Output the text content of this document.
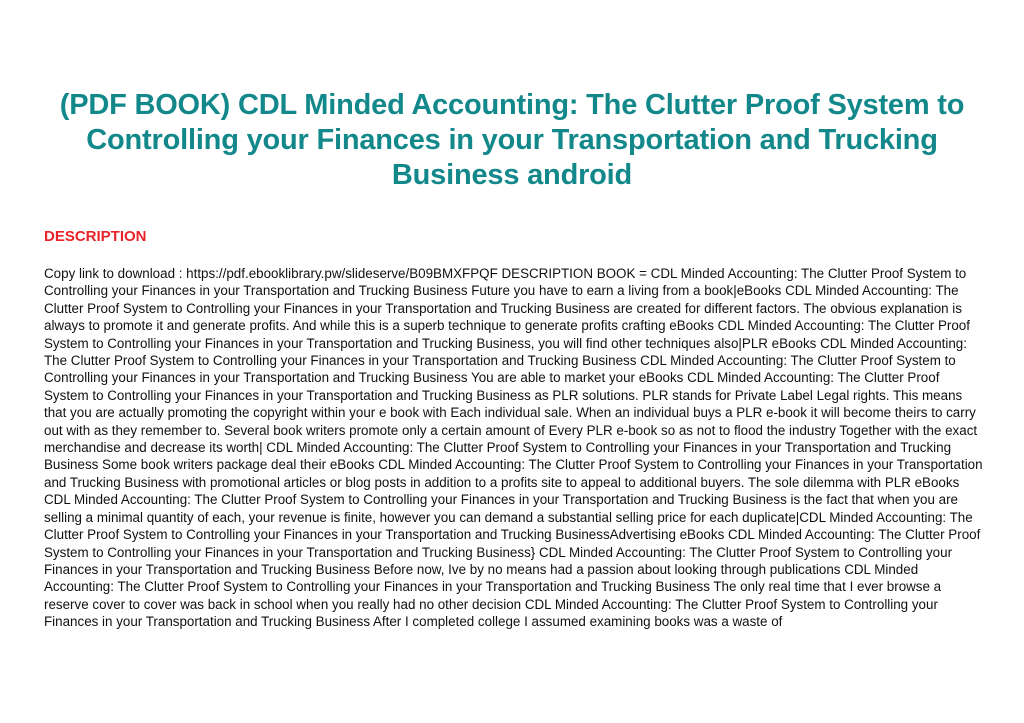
(PDF BOOK) CDL Minded Accounting: The Clutter Proof System to Controlling your Finances in your Transportation and Trucking Business android
DESCRIPTION

Copy link to download : https://pdf.ebooklibrary.pw/slideserve/B09BMXFPQF DESCRIPTION BOOK = CDL Minded Accounting: The Clutter Proof System to Controlling your Finances in your Transportation and Trucking Business Future you have to earn a living from a book|eBooks CDL Minded Accounting: The Clutter Proof System to Controlling your Finances in your Transportation and Trucking Business are created for different factors. The obvious explanation is always to promote it and generate profits. And while this is a superb technique to generate profits crafting eBooks CDL Minded Accounting: The Clutter Proof System to Controlling your Finances in your Transportation and Trucking Business, you will find other techniques also|PLR eBooks CDL Minded Accounting: The Clutter Proof System to Controlling your Finances in your Transportation and Trucking Business CDL Minded Accounting: The Clutter Proof System to Controlling your Finances in your Transportation and Trucking Business You are able to market your eBooks CDL Minded Accounting: The Clutter Proof System to Controlling your Finances in your Transportation and Trucking Business as PLR solutions. PLR stands for Private Label Legal rights. This means that you are actually promoting the copyright within your e book with Each individual sale. When an individual buys a PLR e-book it will become theirs to carry out with as they remember to. Several book writers promote only a certain amount of Every PLR e-book so as not to flood the industry Together with the exact merchandise and decrease its worth| CDL Minded Accounting: The Clutter Proof System to Controlling your Finances in your Transportation and Trucking Business Some book writers package deal their eBooks CDL Minded Accounting: The Clutter Proof System to Controlling your Finances in your Transportation and Trucking Business with promotional articles or blog posts in addition to a profits site to appeal to additional buyers. The sole dilemma with PLR eBooks CDL Minded Accounting: The Clutter Proof System to Controlling your Finances in your Transportation and Trucking Business is the fact that when you are selling a minimal quantity of each, your revenue is finite, however you can demand a substantial selling price for each duplicate|CDL Minded Accounting: The Clutter Proof System to Controlling your Finances in your Transportation and Trucking BusinessAdvertising eBooks CDL Minded Accounting: The Clutter Proof System to Controlling your Finances in your Transportation and Trucking Business} CDL Minded Accounting: The Clutter Proof System to Controlling your Finances in your Transportation and Trucking Business Before now, Ive by no means had a passion about looking through publications CDL Minded Accounting: The Clutter Proof System to Controlling your Finances in your Transportation and Trucking Business The only real time that I ever browse a reserve cover to cover was back in school when you really had no other decision CDL Minded Accounting: The Clutter Proof System to Controlling your Finances in your Transportation and Trucking Business After I completed college I assumed examining books was a waste of
